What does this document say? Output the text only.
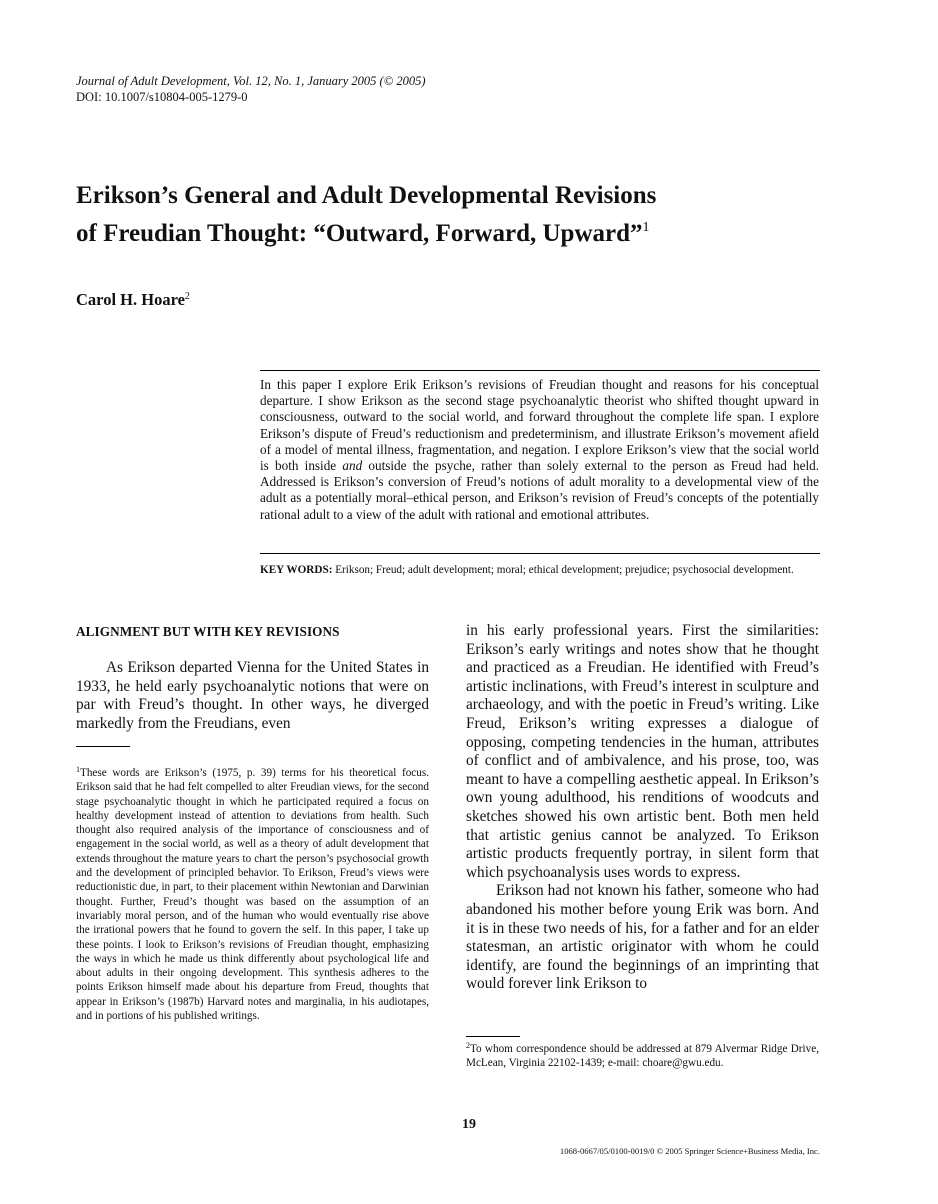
Journal of Adult Development, Vol. 12, No. 1, January 2005 (© 2005)
DOI: 10.1007/s10804-005-1279-0
Erikson’s General and Adult Developmental Revisions
of Freudian Thought: “Outward, Forward, Upward”$^1$
Carol H. Hoare$^2$

In this paper I explore Erik Erikson’s revisions of Freudian thought and reasons for his conceptual departure. I show Erikson as the second stage psychoanalytic theorist who shifted thought upward in consciousness, outward to the social world, and forward throughout the complete life span. I explore Erikson’s dispute of Freud’s reductionism and predeterminism, and illustrate Erikson’s movement afield of a model of mental illness, fragmentation, and negation. I explore Erikson’s view that the social world is both inside and outside the psyche, rather than solely external to the person as Freud had held. Addressed is Erikson’s conversion of Freud’s notions of adult morality to a developmental view of the adult as a potentially moral–ethical person, and Erikson’s revision of Freud’s concepts of the potentially rational adult to a view of the adult with rational and emotional attributes.

KEY WORDS: Erikson; Freud; adult development; moral; ethical development; prejudice; psychosocial development.
ALIGNMENT BUT WITH KEY REVISIONS

As Erikson departed Vienna for the United States in 1933, he held early psychoanalytic notions that were on par with Freud’s thought. In other ways, he diverged markedly from the Freudians, even

$^1$These words are Erikson’s (1975, p. 39) terms for his theoretical focus. Erikson said that he had felt compelled to alter Freudian views, for the second stage psychoanalytic thought in which he participated required a focus on healthy development instead of attention to deviations from health. Such thought also required analysis of the importance of consciousness and of engagement in the social world, as well as a theory of adult development that extends throughout the mature years to chart the person’s psychosocial growth and the development of principled behavior. To Erikson, Freud’s views were reductionistic due, in part, to their placement within Newtonian and Darwinian thought. Further, Freud’s thought was based on the assumption of an invariably moral person, and of the human who would eventually rise above the irrational powers that he found to govern the self. In this paper, I take up these points. I look to Erikson’s revisions of Freudian thought, emphasizing the ways in which he made us think differently about psychological life and about adults in their ongoing development. This synthesis adheres to the points Erikson himself made about his departure from Freud, thoughts that appear in Erikson’s (1987b) Harvard notes and marginalia, in his audiotapes, and in portions of his published writings.

in his early professional years. First the similarities: Erikson’s early writings and notes show that he thought and practiced as a Freudian. He identified with Freud’s artistic inclinations, with Freud’s interest in sculpture and archaeology, and with the poetic in Freud’s writing. Like Freud, Erikson’s writing expresses a dialogue of opposing, competing tendencies in the human, attributes of conflict and of ambivalence, and his prose, too, was meant to have a compelling aesthetic appeal. In Erikson’s own young adulthood, his renditions of woodcuts and sketches showed his own artistic bent. Both men held that artistic genius cannot be analyzed. To Erikson artistic products frequently portray, in silent form that which psychoanalysis uses words to express.

Erikson had not known his father, someone who had abandoned his mother before young Erik was born. And it is in these two needs of his, for a father and for an elder statesman, an artistic originator with whom he could identify, are found the beginnings of an imprinting that would forever link Erikson to

$^2$To whom correspondence should be addressed at 879 Alvermar Ridge Drive, McLean, Virginia 22102-1439; e-mail: choare@gwu.edu.
19
1068-0667/05/0100-0019/0 © 2005 Springer Science+Business Media, Inc.
